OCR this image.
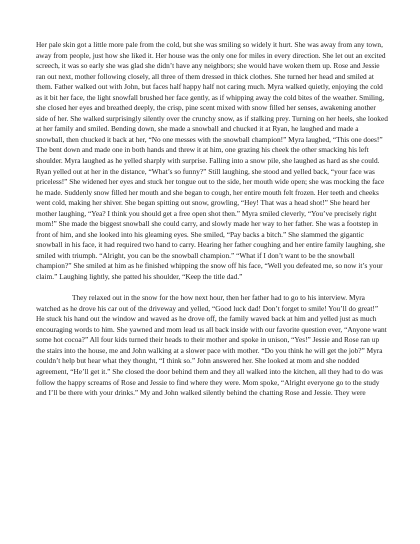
Her pale skin got a little more pale from the cold, but she was smiling so widely it hurt. She was away from any town, away from people, just how she liked it. Her house was the only one for miles in every direction. She let out an excited screech, it was so early she was glad she didn’t have any neighbors; she would have woken them up. Rose and Jessie ran out next, mother following closely, all three of them dressed in thick clothes. She turned her head and smiled at them. Father walked out with John, but faces half happy half not caring much. Myra walked quietly, enjoying the cold as it bit her face, the light snowfall brushed her face gently, as if whipping away the cold bites of the weather. Smiling, she closed her eyes and breathed deeply, the crisp, pine scent mixed with snow filled her senses, awakening another side of her. She walked surprisingly silently over the crunchy snow, as if stalking prey. Turning on her heels, she looked at her family and smiled. Bending down, she made a snowball and chucked it at Ryan, he laughed and made a snowball, then chucked it back at her, “No one messes with the snowball champion!” Myra laughed, “This one does!” The bent down and made one in both hands and threw it at him, one grazing his cheek the other smacking his left shoulder. Myra laughed as he yelled sharply with surprise. Falling into a snow pile, she laughed as hard as she could. Ryan yelled out at her in the distance, “What’s so funny?” Still laughing, she stood and yelled back, “your face was priceless!” She widened her eyes and stuck her tongue out to the side, her mouth wide open; she was mocking the face he made. Suddenly snow filled her mouth and she began to cough, her entire mouth felt frozen. Her teeth and cheeks went cold, making her shiver. She began spitting out snow, growling, “Hey! That was a head shot!” She heard her mother laughing, “Yea? I think you should get a free open shot then.” Myra smiled cleverly, “You’ve precisely right mom!” She made the biggest snowball she could carry, and slowly made her way to her father. She was a footstep in front of him, and she looked into his gleaming eyes. She smiled, “Pay backs a bitch.” She slammed the gigantic snowball in his face, it had required two hand to carry. Hearing her father coughing and her entire family laughing, she smiled with triumph. “Alright, you can be the snowball champion.” “What if I don’t want to be the snowball champion?” She smiled at him as he finished whipping the snow off his face, “Well you defeated me, so now it’s your claim.” Laughing lightly, she patted his shoulder, “Keep the title dad.”

They relaxed out in the snow for the how next hour, then her father had to go to his interview. Myra watched as he drove his car out of the driveway and yelled, “Good luck dad! Don’t forget to smile! You’ll do great!” He stuck his hand out the window and waved as he drove off, the family waved back at him and yelled just as much encouraging words to him. She yawned and mom lead us all back inside with our favorite question ever, “Anyone want some hot cocoa?” All four kids turned their heads to their mother and spoke in unison, “Yes!” Jessie and Rose ran up the stairs into the house, me and John walking at a slower pace with mother. “Do you think he will get the job?” Myra couldn’t help but hear what they thought, “I think so.” John answered her. She looked at mom and she nodded agreement, “He’ll get it.” She closed the door behind them and they all walked into the kitchen, all they had to do was follow the happy screams of Rose and Jessie to find where they were. Mom spoke, “Alright everyone go to the study and I’ll be there with your drinks.” My and John walked silently behind the chatting Rose and Jessie. They were
